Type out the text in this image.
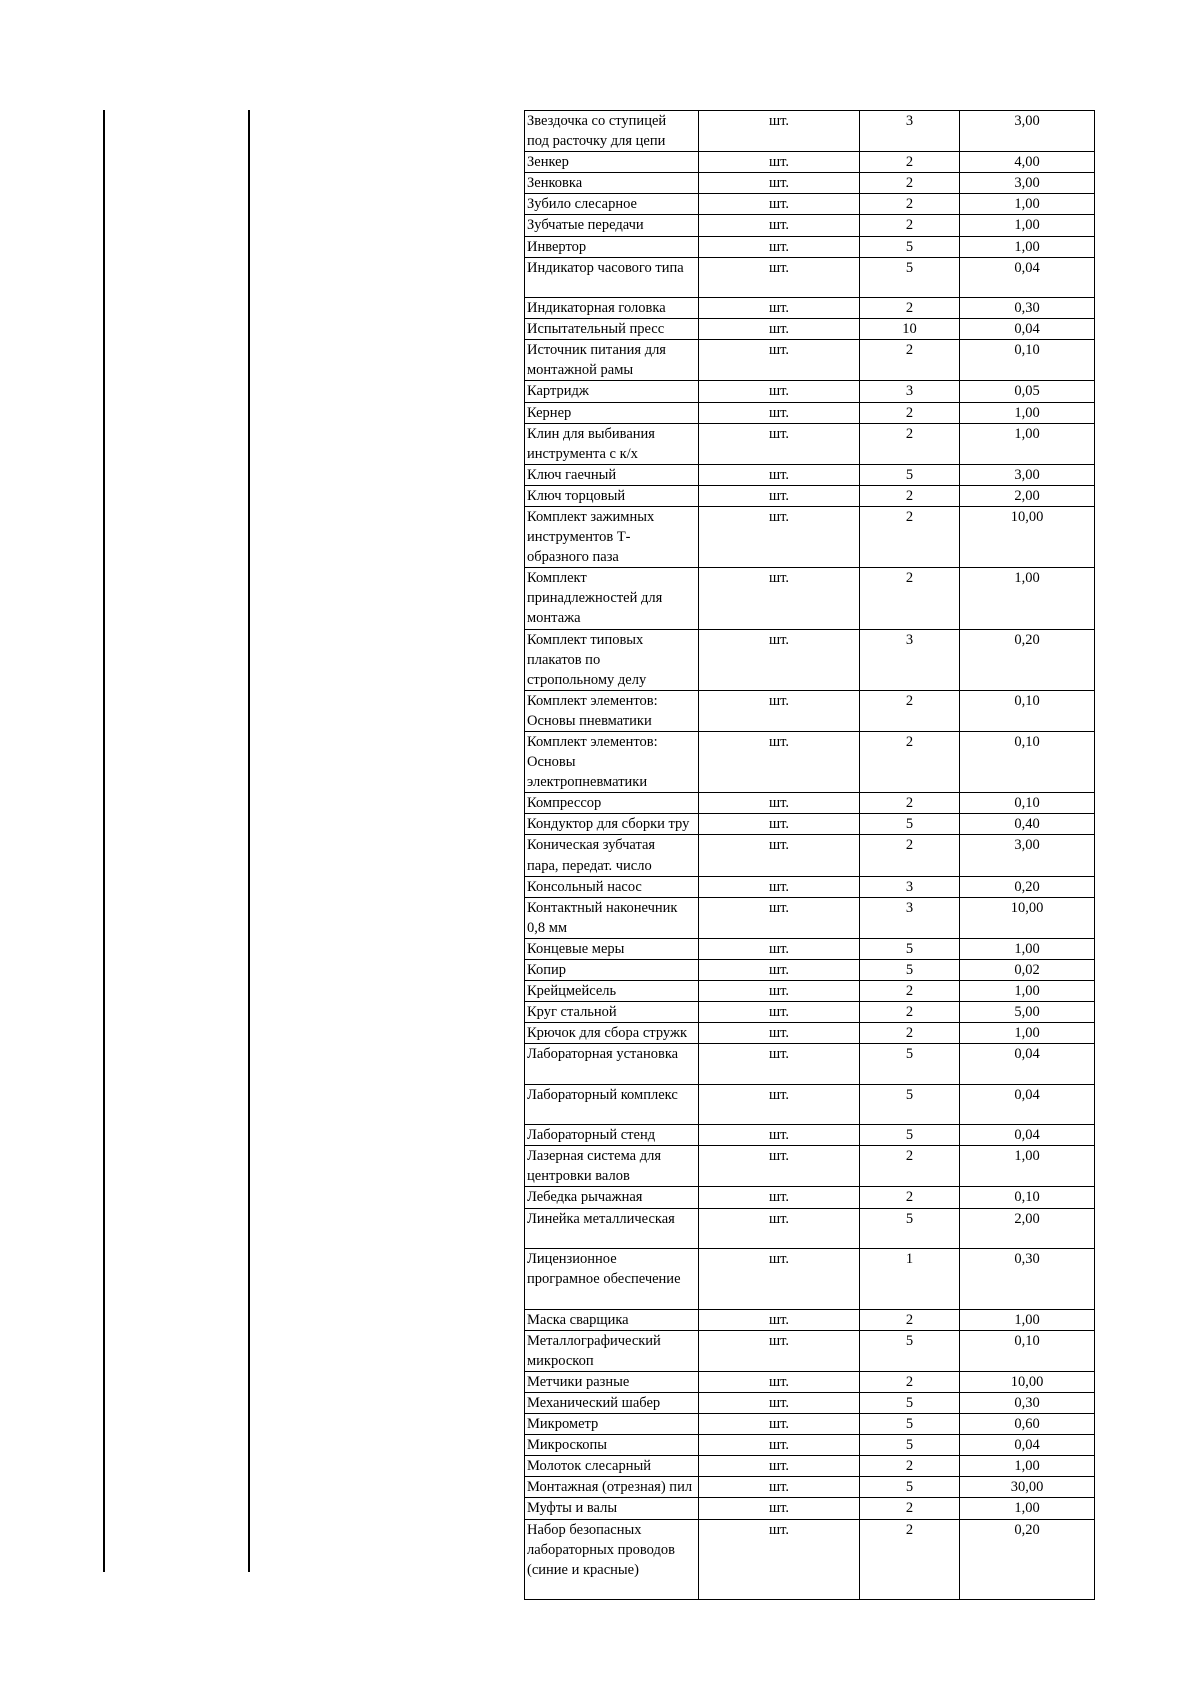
Звездочка со ступицей
под расточку для цепи	шт.	3	3,00
Зенкер	шт.	2	4,00
Зенковка	шт.	2	3,00
Зубило слесарное	шт.	2	1,00
Зубчатые передачи	шт.	2	1,00
Инвертор	шт.	5	1,00
Индикатор часового типа	шт.	5	0,04
Индикаторная головка	шт.	2	0,30
Испытательный пресс	шт.	10	0,04
Источник питания для
монтажной рамы	шт.	2	0,10
Картридж	шт.	3	0,05
Кернер	шт.	2	1,00
Клин для выбивания
инструмента с к/х	шт.	2	1,00
Ключ гаечный	шт.	5	3,00
Ключ торцовый	шт.	2	2,00
Комплект зажимных
инструментов Т-
образного паза	шт.	2	10,00
Комплект
принадлежностей для
монтажа	шт.	2	1,00
Комплект типовых
плакатов по
стропольному делу	шт.	3	0,20
Комплект элементов:
Основы пневматики	шт.	2	0,10
Комплект элементов:
Основы
электропневматики	шт.	2	0,10
Компрессор	шт.	2	0,10
Кондуктор для сборки тру	шт.	5	0,40
Коническая зубчатая
пара, передат. число	шт.	2	3,00
Консольный насос	шт.	3	0,20
Контактный наконечник
0,8 мм	шт.	3	10,00
Концевые меры	шт.	5	1,00
Копир	шт.	5	0,02
Крейцмейсель	шт.	2	1,00
Круг стальной	шт.	2	5,00
Крючок для сбора стружк	шт.	2	1,00
Лабораторная установка	шт.	5	0,04
Лабораторный комплекс	шт.	5	0,04
Лабораторный стенд	шт.	5	0,04
Лазерная система для
центровки валов	шт.	2	1,00
Лебедка рычажная	шт.	2	0,10
Линейка металлическая	шт.	5	2,00
Лицензионное
програмное обеспечение	шт.	1	0,30
Маска сварщика	шт.	2	1,00
Металлографический
микроскоп	шт.	5	0,10
Метчики разные	шт.	2	10,00
Механический шабер	шт.	5	0,30
Микрометр	шт.	5	0,60
Микроскопы	шт.	5	0,04
Молоток слесарный	шт.	2	1,00
Монтажная (отрезная) пил	шт.	5	30,00
Муфты и валы	шт.	2	1,00
Набор безопасных
лабораторных проводов
(синие и красные)	шт.	2	0,20
